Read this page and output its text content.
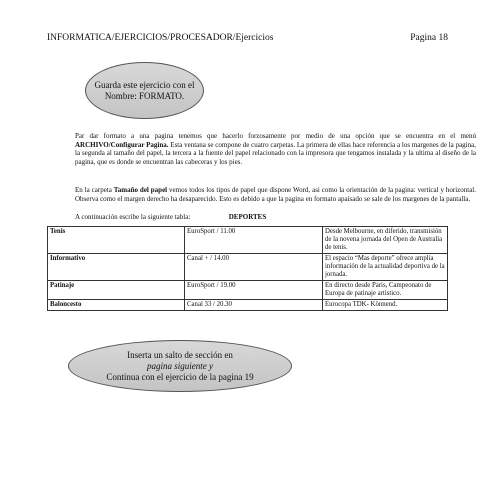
INFORMATICA/EJERCICIOS/PROCESADOR/Ejercicios	Pagina 18
Guarda este ejercicio con el
Nombre: FORMATO.
Par dar formato a una pagina tenemos que hacerlo forzosamente por medio de una opción que se encuentra en el menú ARCHIVO/Configurar Pagina. Esta ventana se compone de cuatro carpetas. La primera de ellas hace referencia a los margenes de la pagina, la segunda al tamaño del papel, la tercera a la fuente del papel relacionado con la impresora que tengamos instalada y la ultima al diseño de la pagina, que es donde se encuentran las cabeceras y los pies.
En la carpeta Tamaño del papel vemos todos los tipos de papel que dispone Word, asi como la orientación de la pagina: vertical y horizontal. Observa como el margen derecho ha desaparecido. Esto es debido a que la pagina en formato apaisado se sale de los margenes de la pantalla.
A continuación escribe la siguiente tabla:	DEPORTES
Tenis	EuroSport / 11.00	Desde Melbourne, en diferido, transmisión de la novena jornada del Open de Australia de tenis.
Informativo	Canal + / 14.00	El espacio “Mas deporte” ofrece amplia información de la actualidad deportiva de la jornada.
Patinaje	EuroSport / 19.00	En directo desde Paris, Campeonato de Europa de patinaje artistico.
Baloncesto	Canal 33 / 20.30	Eurocopa TDK- Könnend.
Inserta un salto de sección en
pagina siguiente y
Continua con el ejercicio de la pagina 19
